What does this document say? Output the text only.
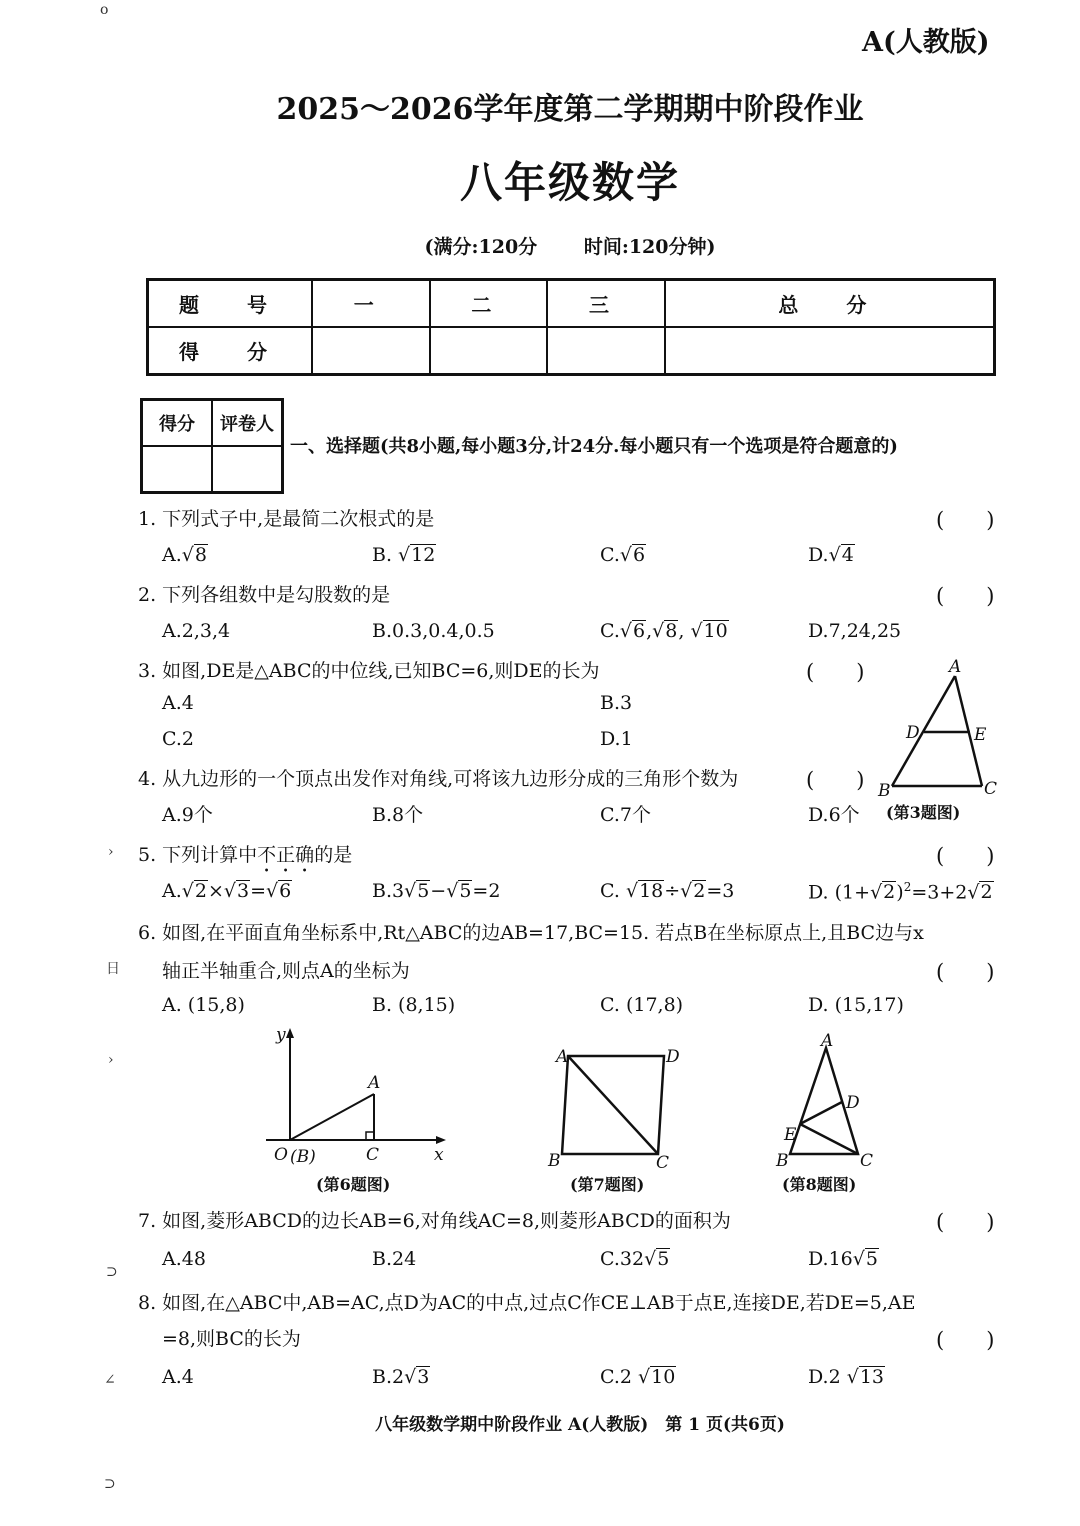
o
›
日
›
⊃
∠
⊃
A(人教版)
2025～2026学年度第二学期期中阶段作业
八年级数学
(满分:120分 时间:120分钟)
题　号	一	二	三	总　分
得　分				
得分	评卷人

一、选择题(共8小题,每小题3分,计24分.每小题只有一个选项是符合题意的)
1. 下列式子中,是最简二次根式的是	(　　)
A.√8	B. √12	C.√6	D.√4
2. 下列各组数中是勾股数的是	(　　)
A.2,3,4	B.0.3,0.4,0.5	C.√6,√8, √10	D.7,24,25
3. 如图,DE是△ABC的中位线,已知BC=6,则DE的长为	(　　)
A.4	B.3
C.2	D.1
A
D	E
B	C
(第3题图)
4. 从九边形的一个顶点出发作对角线,可将该九边形分成的三角形个数为	(　　)
A.9个	B.8个	C.7个	D.6个
5. 下列计算中不正确的是	(　　)
A.√2×√3=√6	B.3√5−√5=2	C. √18÷√2=3	D. $(1+√2)^2=3+2√2$
6. 如图,在平面直角坐标系中,Rt△ABC的边AB=17,BC=15. 若点B在坐标原点上,且BC边与x
轴正半轴重合,则点A的坐标为	(　　)
A. (15,8)	B. (8,15)	C. (17,8)	D. (15,17)
y
A
O (B)	C	x
(第6题图)
A	D
B	C
(第7题图)
A
D
E
B	C
(第8题图)
7. 如图,菱形ABCD的边长AB=6,对角线AC=8,则菱形ABCD的面积为	(　　)
A.48	B.24	C.32√5	D.16√5
8. 如图,在△ABC中,AB=AC,点D为AC的中点,过点C作CE⊥AB于点E,连接DE,若DE=5,AE
=8,则BC的长为	(　　)
A.4	B.2√3	C.2 √10	D.2 √13
八年级数学期中阶段作业 A(人教版)　第 1 页(共6页)
